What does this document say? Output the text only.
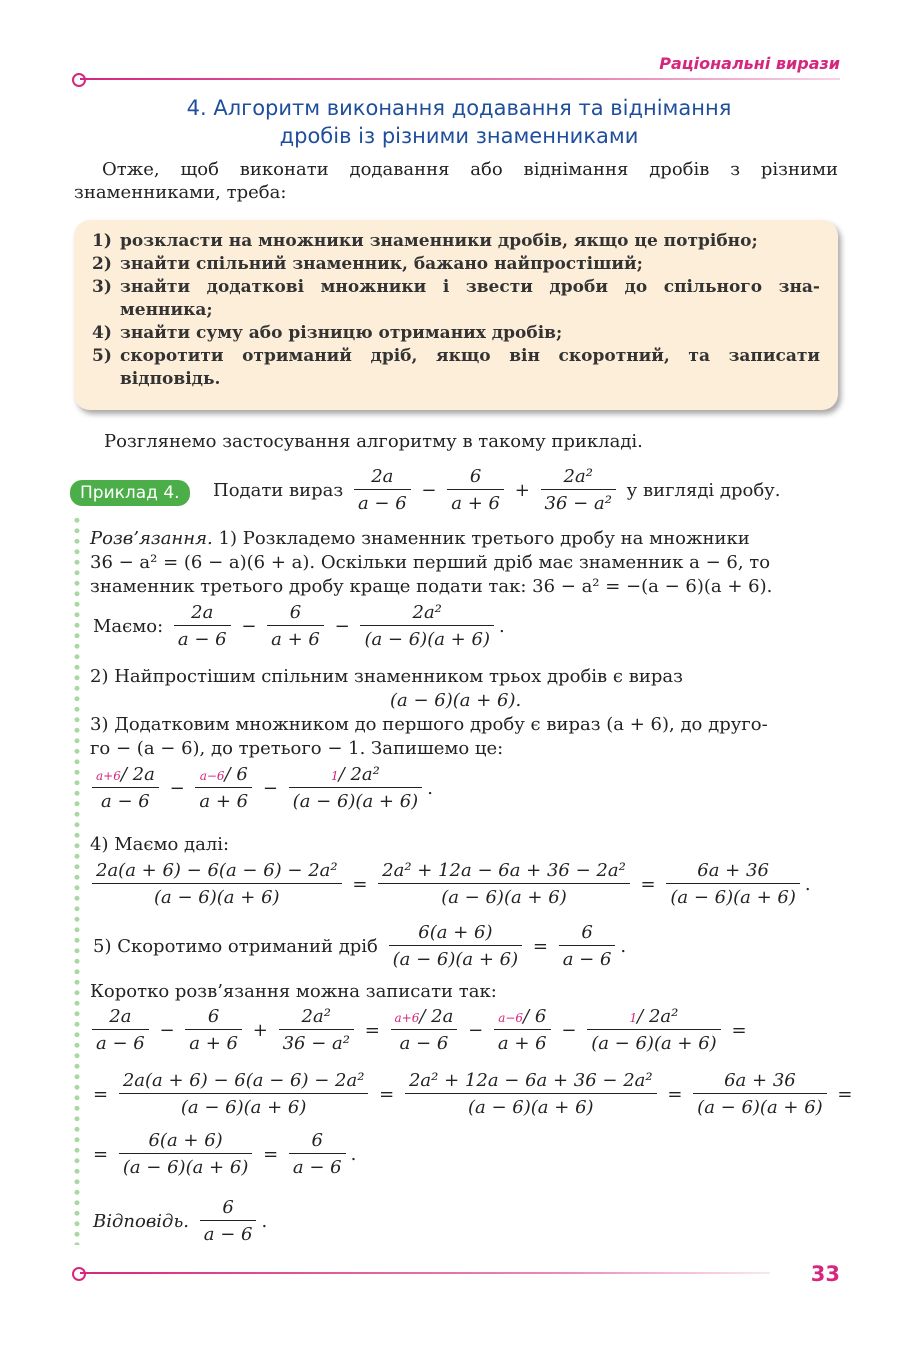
Раціональні вирази
4. Алгоритм виконання додавання та віднімання
дробів із різними знаменниками
Отже, щоб виконати додавання або віднімання дробів з різними
знаменниками, треба:
1) розкласти на множники знаменники дробів, якщо це потрібно;
2) знайти спільний знаменник, бажано найпростіший;
3) знайти додаткові множники і звести дроби до спільного зна-менника;
4) знайти суму або різницю отриманих дробів;
5) скоротити отриманий дріб, якщо він скоротний, та записати відповідь.
Розглянемо застосування алгоритму в такому прикладі.
Приклад 4.	Подати вираз $\frac{2a}{a - 6} - \frac{6}{a + 6} + \frac{\text{2a²}}{\text{36 − a²}}$ у вигляді дробу.
Розв’язання. 1) Розкладемо знаменник третього дробу на множники
36 − a² = (6 − a)(6 + a). Оскільки перший дріб має знаменник a − 6, то
знаменник третього дробу краще подати так: 36 − a² = −(a − 6)(a + 6).
Маємо: $\frac{2a}{a - 6} - \frac{6}{a + 6} - \frac{\text{2a²}}{(a - 6)(a + 6)}$ .
2) Найпростішим спільним знаменником трьох дробів є вираз
(a − 6)(a + 6).
3) Додатковим множником до першого дробу є вираз (a + 6), до друго-
го − (a − 6), до третього − 1. Запишемо це:
$\frac{a+6/ 2a}{a - 6} - \frac{a-6/ 6}{a + 6} - \frac{\text{1/ 2a²}}{(a - 6)(a + 6)}$ .
4) Маємо далі:
$\frac{\text{2a(a + 6) − 6(a − 6) − 2a²}}{(a - 6)(a + 6)} = \frac{\text{2a² + 12a − 6a + 36 − 2a²}}{(a - 6)(a + 6)} = \frac{6a + 36}{(a - 6)(a + 6)}$ .
5) Скоротимо отриманий дріб $\frac{6(a + 6)}{(a - 6)(a + 6)} = \frac{6}{a - 6}$ .
Коротко розв’язання можна записати так:
$\frac{2a}{a - 6} - \frac{6}{a + 6} + \frac{\text{2a²}}{\text{36 − a²}} = \frac{a+6/ 2a}{a - 6} - \frac{a-6/ 6}{a + 6} - \frac{\text{1/ 2a²}}{(a - 6)(a + 6)}$ =
= $\frac{\text{2a(a + 6) − 6(a − 6) − 2a²}}{(a - 6)(a + 6)} = \frac{\text{2a² + 12a − 6a + 36 − 2a²}}{(a - 6)(a + 6)} = \frac{6a + 36}{(a - 6)(a + 6)}$ =
= $\frac{6(a + 6)}{(a - 6)(a + 6)} = \frac{6}{a - 6}$ .
Відповідь. $\frac{6}{a - 6}$ .
33
